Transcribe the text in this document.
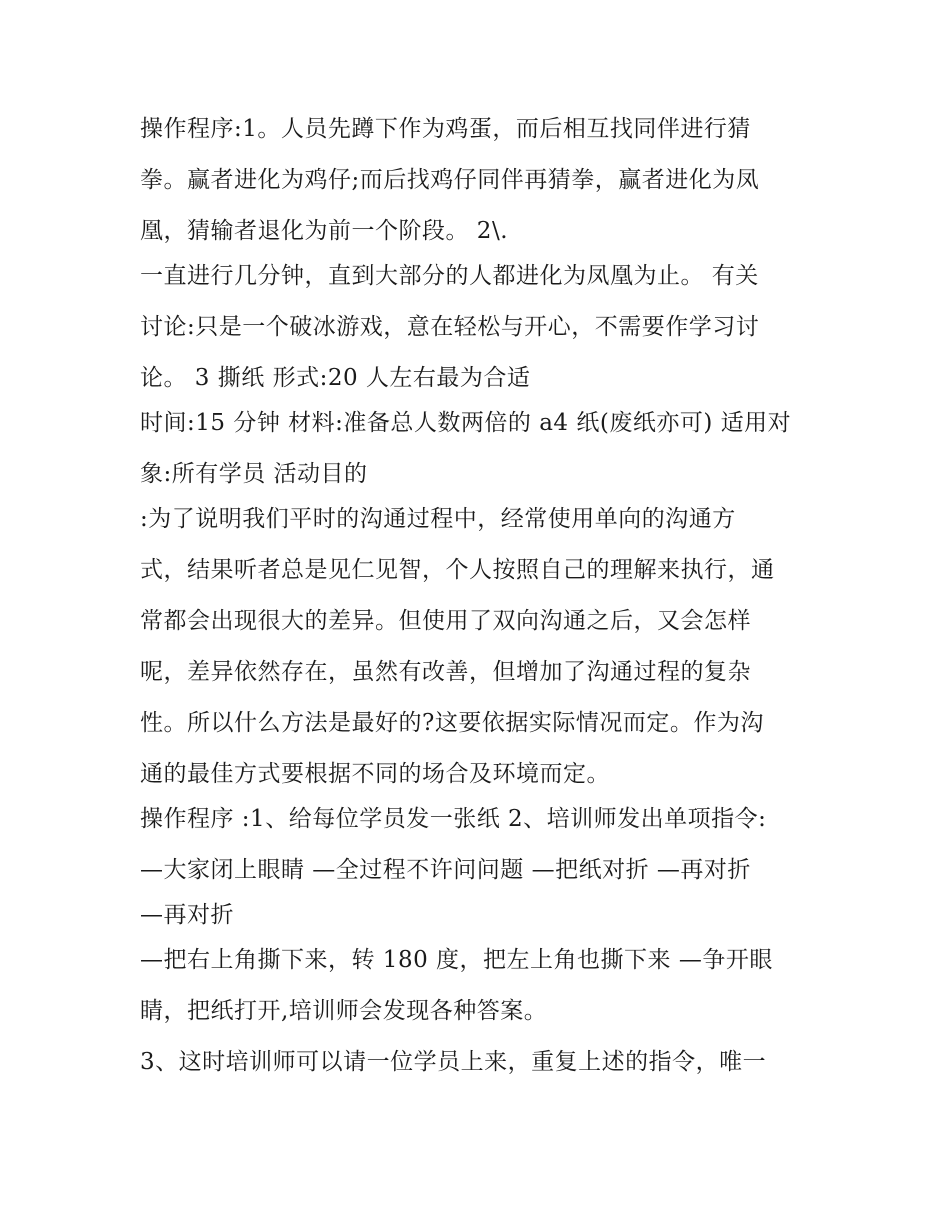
操作程序:1。人员先蹲下作为鸡蛋，而后相互找同伴进行猜
拳。赢者进化为鸡仔;而后找鸡仔同伴再猜拳，赢者进化为凤
凰，猜输者退化为前一个阶段。 2\.
一直进行几分钟，直到大部分的人都进化为凤凰为止。 有关
讨论:只是一个破冰游戏，意在轻松与开心，不需要作学习讨
论。 3 撕纸 形式:20 人左右最为合适
时间:15 分钟 材料:准备总人数两倍的 a4 纸(废纸亦可) 适用对
象:所有学员 活动目的
:为了说明我们平时的沟通过程中，经常使用单向的沟通方
式，结果听者总是见仁见智，个人按照自己的理解来执行，通
常都会出现很大的差异。但使用了双向沟通之后，又会怎样
呢，差异依然存在，虽然有改善，但增加了沟通过程的复杂
性。所以什么方法是最好的?这要依据实际情况而定。作为沟
通的最佳方式要根据不同的场合及环境而定。
操作程序 :1、给每位学员发一张纸 2、培训师发出单项指令:
—大家闭上眼睛 —全过程不许问问题 —把纸对折 —再对折
—再对折
—把右上角撕下来，转 180 度，把左上角也撕下来 —争开眼
睛，把纸打开,培训师会发现各种答案。
3、这时培训师可以请一位学员上来，重复上述的指令，唯一
